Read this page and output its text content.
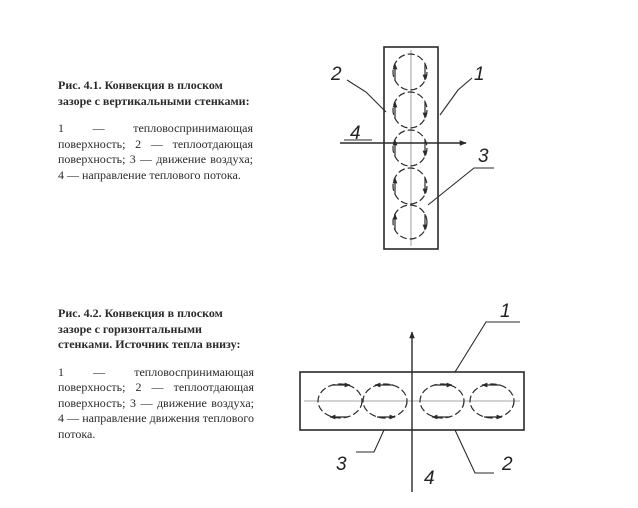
Рис. 4.1. Конвекция в плоском зазоре с вертикальными стенками:

1 — тепловоспринимающая поверхность; 2 — теплоотдающая поверхность; 3 — движение воздуха; 4 — направление теплового потока.

Рис. 4.2. Конвекция в плоском зазоре с горизонтальными стенками. Источник тепла внизу:

1 — тепловоспринимающая поверхность; 2 — теплоотдающая поверхность; 3 — движение воздуха; 4 — направление движения теплового потока.

1
2
3
4
1
2
3
4
